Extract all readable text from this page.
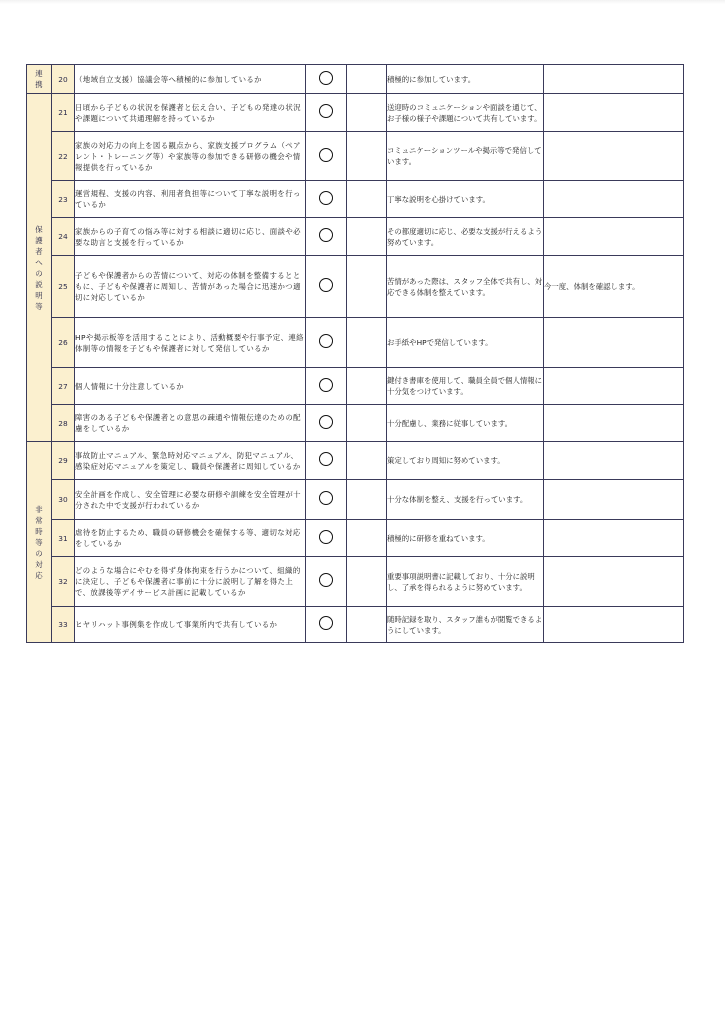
連携	20	（地域自立支援）協議会等へ積極的に参加しているか			積極的に参加しています。	
保護者への説明等	21	日頃から子どもの状況を保護者と伝え合い、子どもの発達の状況や課題について共通理解を持っているか			送迎時のコミュニケーションや面談を通じて、お子様の様子や課題について共有しています。	
	22	家族の対応力の向上を図る観点から、家族支援プログラム（ペアレント・トレーニング等）や家族等の参加できる研修の機会や情報提供を行っているか			コミュニケーションツールや掲示等で発信しています。	
	23	運営規程、支援の内容、利用者負担等について丁寧な説明を行っているか			丁寧な説明を心掛けています。	
	24	家族からの子育ての悩み等に対する相談に適切に応じ、面談や必要な助言と支援を行っているか			その都度適切に応じ、必要な支援が行えるよう努めています。	
	25	子どもや保護者からの苦情について、対応の体制を整備するとともに、子どもや保護者に周知し、苦情があった場合に迅速かつ適切に対応しているか			苦情があった際は、スタッフ全体で共有し、対応できる体制を整えています。	今一度、体制を確認します。
	26	HPや掲示板等を活用することにより、活動概要や行事予定、連絡体制等の情報を子どもや保護者に対して発信しているか			お手紙やHPで発信しています。	
	27	個人情報に十分注意しているか			鍵付き書庫を使用して、職員全員で個人情報に十分気をつけています。	
	28	障害のある子どもや保護者との意思の疎通や情報伝達のための配慮をしているか			十分配慮し、業務に従事しています。	
非常時等の対応	29	事故防止マニュアル、緊急時対応マニュアル、防犯マニュアル、感染症対応マニュアルを策定し、職員や保護者に周知しているか			策定しており周知に努めています。	
	30	安全計画を作成し、安全管理に必要な研修や訓練を安全管理が十分された中で支援が行われているか			十分な体制を整え、支援を行っています。	
	31	虐待を防止するため、職員の研修機会を確保する等、適切な対応をしているか			積極的に研修を重ねています。	
	32	どのような場合にやむを得ず身体拘束を行うかについて、組織的に決定し、子どもや保護者に事前に十分に説明し了解を得た上で、放課後等デイサービス計画に記載しているか			重要事項説明書に記載しており、十分に説明し、了承を得られるように努めています。	
	33	ヒヤリハット事例集を作成して事業所内で共有しているか			随時記録を取り、スタッフ誰もが閲覧できるようにしています。	
